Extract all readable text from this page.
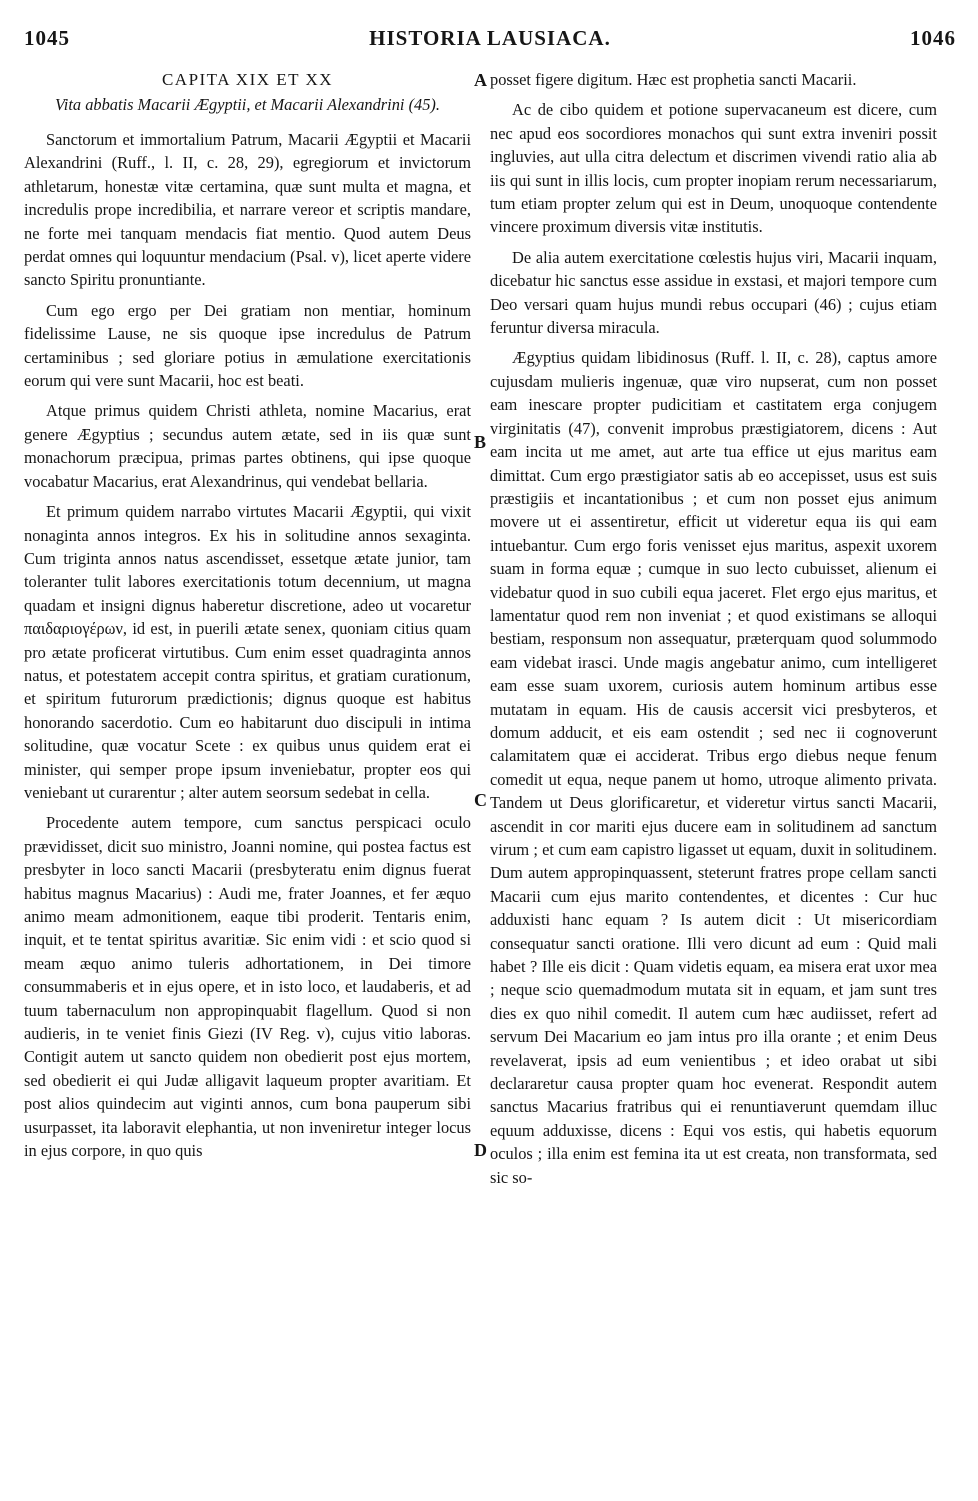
1045	HISTORIA LAUSIACA.	1046
CAPITA XIX ET XX
Vita abbatis Macarii Ægyptii, et Macarii Alexandrini (45).

Sanctorum et immortalium Patrum, Macarii Ægyptii et Macarii Alexandrini (Ruff., l. II, c. 28, 29), egregiorum et invictorum athletarum, honestæ vitæ certamina, quæ sunt multa et magna, et incredulis prope incredibilia, et narrare vereor et scriptis mandare, ne forte mei tanquam mendacis fiat mentio. Quod autem Deus perdat omnes qui loquuntur mendacium (Psal. v), licet aperte videre sancto Spiritu pronuntiante.

Cum ego ergo per Dei gratiam non mentiar, hominum fidelissime Lause, ne sis quoque ipse incredulus de Patrum certaminibus ; sed gloriare potius in æmulatione exercitationis eorum qui vere sunt Macarii, hoc est beati.

Atque primus quidem Christi athleta, nomine Macarius, erat genere Ægyptius ; secundus autem ætate, sed in iis quæ sunt monachorum præcipua, primas partes obtinens, qui ipse quoque vocabatur Macarius, erat Alexandrinus, qui vendebat bellaria.

Et primum quidem narrabo virtutes Macarii Ægyptii, qui vixit nonaginta annos integros. Ex his in solitudine annos sexaginta. Cum triginta annos natus ascendisset, essetque ætate junior, tam toleranter tulit labores exercitationis totum decennium, ut magna quadam et insigni dignus haberetur discretione, adeo ut vocaretur παιδαριογέρων, id est, in puerili ætate senex, quoniam citius quam pro ætate proficerat virtutibus. Cum enim esset quadraginta annos natus, et potestatem accepit contra spiritus, et gratiam curationum, et spiritum futurorum prædictionis; dignus quoque est habitus honorando sacerdotio. Cum eo habitarunt duo discipuli in intima solitudine, quæ vocatur Scete : ex quibus unus quidem erat ei minister, qui semper prope ipsum inveniebatur, propter eos qui veniebant ut curarentur ; alter autem seorsum sedebat in cella.

Procedente autem tempore, cum sanctus perspicaci oculo prævidisset, dicit suo ministro, Joanni nomine, qui postea factus est presbyter in loco sancti Macarii (presbyteratu enim dignus fuerat habitus magnus Macarius) : Audi me, frater Joannes, et fer æquo animo meam admonitionem, eaque tibi proderit. Tentaris enim, inquit, et te tentat spiritus avaritiæ. Sic enim vidi : et scio quod si meam æquo animo tuleris adhortationem, in Dei timore consummaberis et in ejus opere, et in isto loco, et laudaberis, et ad tuum tabernaculum non appropinquabit flagellum. Quod si non audieris, in te veniet finis Giezi (IV Reg. v), cujus vitio laboras. Contigit autem ut sancto quidem non obedierit post ejus mortem, sed obedierit ei qui Judæ alligavit laqueum propter avaritiam. Et post alios quindecim aut viginti annos, cum bona pauperum sibi usurpasset, ita laboravit elephantia, ut non inveniretur integer locus in ejus corpore, in quo quis

posset figere digitum. Hæc est prophetia sancti Macarii.

Ac de cibo quidem et potione supervacaneum est dicere, cum nec apud eos socordiores monachos qui sunt extra inveniri possit ingluvies, aut ulla citra delectum et discrimen vivendi ratio alia ab iis qui sunt in illis locis, cum propter inopiam rerum necessariarum, tum etiam propter zelum qui est in Deum, unoquoque contendente vincere proximum diversis vitæ institutis.

De alia autem exercitatione cœlestis hujus viri, Macarii inquam, dicebatur hic sanctus esse assidue in exstasi, et majori tempore cum Deo versari quam hujus mundi rebus occupari (46) ; cujus etiam feruntur diversa miracula.

Ægyptius quidam libidinosus (Ruff. l. II, c. 28), captus amore cujusdam mulieris ingenuæ, quæ viro nupserat, cum non posset eam inescare propter pudicitiam et castitatem erga conjugem virginitatis (47), convenit improbus præstigiatorem, dicens : Aut eam incita ut me amet, aut arte tua effice ut ejus maritus eam dimittat. Cum ergo præstigiator satis ab eo accepisset, usus est suis præstigiis et incantationibus ; et cum non posset ejus animum movere ut ei assentiretur, efficit ut videretur equa iis qui eam intuebantur. Cum ergo foris venisset ejus maritus, aspexit uxorem suam in forma equæ ; cumque in suo lecto cubuisset, alienum ei videbatur quod in suo cubili equa jaceret. Flet ergo ejus maritus, et lamentatur quod rem non inveniat ; et quod existimans se alloqui bestiam, responsum non assequatur, præterquam quod solummodo eam videbat irasci. Unde magis angebatur animo, cum intelligeret eam esse suam uxorem, curiosis autem hominum artibus esse mutatam in equam. His de causis accersit vici presbyteros, et domum adducit, et eis eam ostendit ; sed nec ii cognoverunt calamitatem quæ ei acciderat. Tribus ergo diebus neque fenum comedit ut equa, neque panem ut homo, utroque alimento privata. Tandem ut Deus glorificaretur, et videretur virtus sancti Macarii, ascendit in cor mariti ejus ducere eam in solitudinem ad sanctum virum ; et cum eam capistro ligasset ut equam, duxit in solitudinem. Dum autem appropinquassent, steterunt fratres prope cellam sancti Macarii cum ejus marito contendentes, et dicentes : Cur huc adduxisti hanc equam ? Is autem dicit : Ut misericordiam consequatur sancti oratione. Illi vero dicunt ad eum : Quid mali habet ? Ille eis dicit : Quam videtis equam, ea misera erat uxor mea ; neque scio quemadmodum mutata sit in equam, et jam sunt tres dies ex quo nihil comedit. Il autem cum hæc audiisset, refert ad servum Dei Macarium eo jam intus pro illa orante ; et enim Deus revelaverat, ipsis ad eum venientibus ; et ideo orabat ut sibi declararetur causa propter quam hoc evenerat. Respondit autem sanctus Macarius fratribus qui ei renuntiaverunt quemdam illuc equum adduxisse, dicens : Equi vos estis, qui habetis equorum oculos ; illa enim est femina ita ut est creata, non transformata, sed sic so-

A
B
C
D
